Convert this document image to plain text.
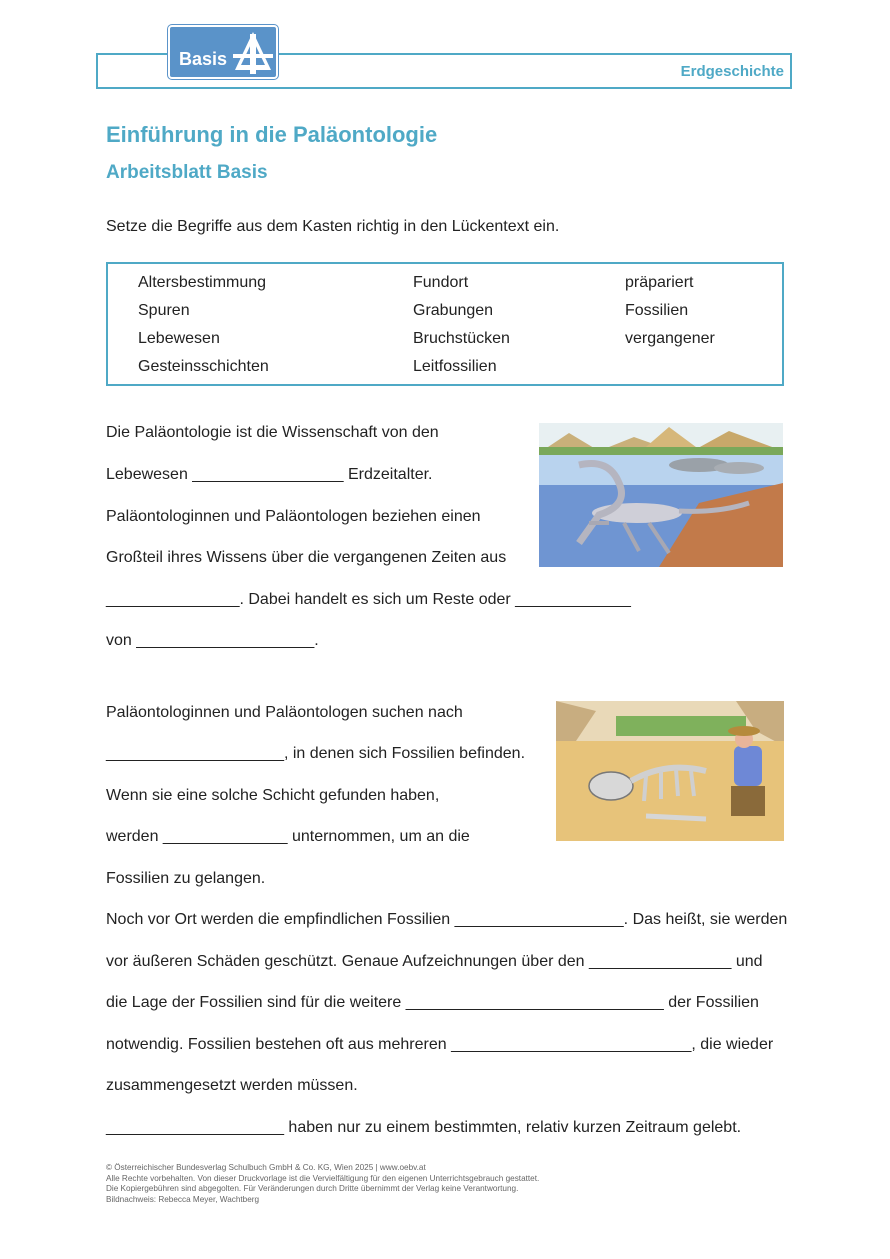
Erdgeschichte
Basis
Einführung in die Paläontologie
Arbeitsblatt Basis
Setze die Begriffe aus dem Kasten richtig in den Lückentext ein.
Altersbestimmung
Spuren
Lebewesen
Gesteinsschichten
Fundort
Grabungen
Bruchstücken
Leitfossilien
präpariert
Fossilien
vergangener
Die Paläontologie ist die Wissenschaft von den
Lebewesen _________________ Erdzeitalter.
Paläontologinnen und Paläontologen beziehen einen
Großteil ihres Wissens über die vergangenen Zeiten aus
_______________. Dabei handelt es sich um Reste oder _____________
von ____________________.
Paläontologinnen und Paläontologen suchen nach
____________________, in denen sich Fossilien befinden.
Wenn sie eine solche Schicht gefunden haben,
werden ______________ unternommen, um an die
Fossilien zu gelangen.
Noch vor Ort werden die empfindlichen Fossilien ___________________. Das heißt, sie werden
vor äußeren Schäden geschützt. Genaue Aufzeichnungen über den ________________ und
die Lage der Fossilien sind für die weitere _____________________________ der Fossilien
notwendig. Fossilien bestehen oft aus mehreren ___________________________, die wieder
zusammengesetzt werden müssen.
____________________ haben nur zu einem bestimmten, relativ kurzen Zeitraum gelebt.
© Österreichischer Bundesverlag Schulbuch GmbH & Co. KG, Wien 2025 | www.oebv.at
Alle Rechte vorbehalten. Von dieser Druckvorlage ist die Vervielfältigung für den eigenen Unterrichtsgebrauch gestattet.
Die Kopiergebühren sind abgegolten. Für Veränderungen durch Dritte übernimmt der Verlag keine Verantwortung.
Bildnachweis: Rebecca Meyer, Wachtberg
